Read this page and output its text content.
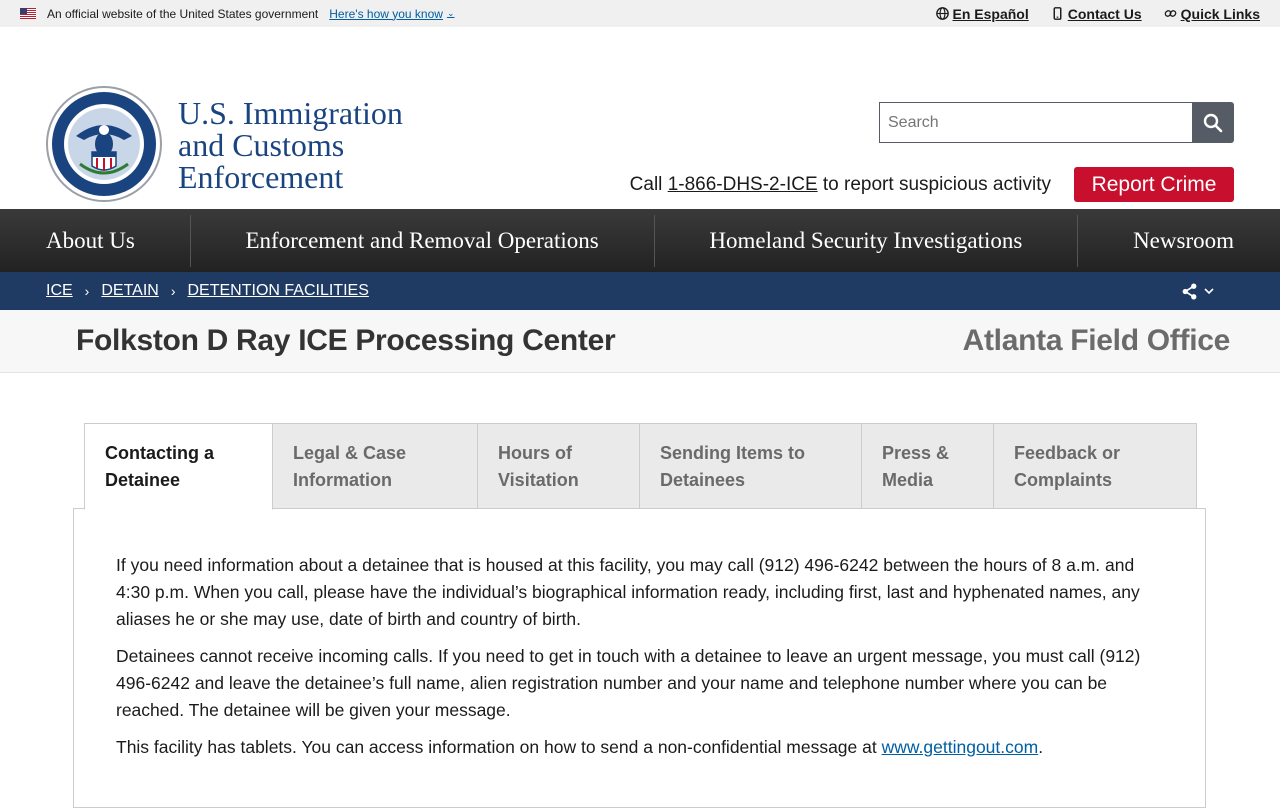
An official website of the United States government Here's how you know ⌄	En Español	Contact Us	Quick Links
U.S. Immigration
and Customs
Enforcement
Search	Call 1-866-DHS-2-ICE to report suspicious activity	Report Crime
About Us	Enforcement and Removal Operations	Homeland Security Investigations	Newsroom
ICE › DETAIN › DETENTION FACILITIES
Folkston D Ray ICE Processing Center	Atlanta Field Office
Contacting a
Detainee
Legal & Case
Information
Hours of
Visitation
Sending Items to
Detainees
Press &
Media
Feedback or
Complaints

If you need information about a detainee that is housed at this facility, you may call (912) 496-6242 between the hours of 8 a.m. and 4:30 p.m. When you call, please have the individual’s biographical information ready, including first, last and hyphenated names, any aliases he or she may use, date of birth and country of birth.

Detainees cannot receive incoming calls. If you need to get in touch with a detainee to leave an urgent message, you must call (912) 496-6242 and leave the detainee’s full name, alien registration number and your name and telephone number where you can be reached. The detainee will be given your message.

This facility has tablets. You can access information on how to send a non-confidential message at www.gettingout.com.
